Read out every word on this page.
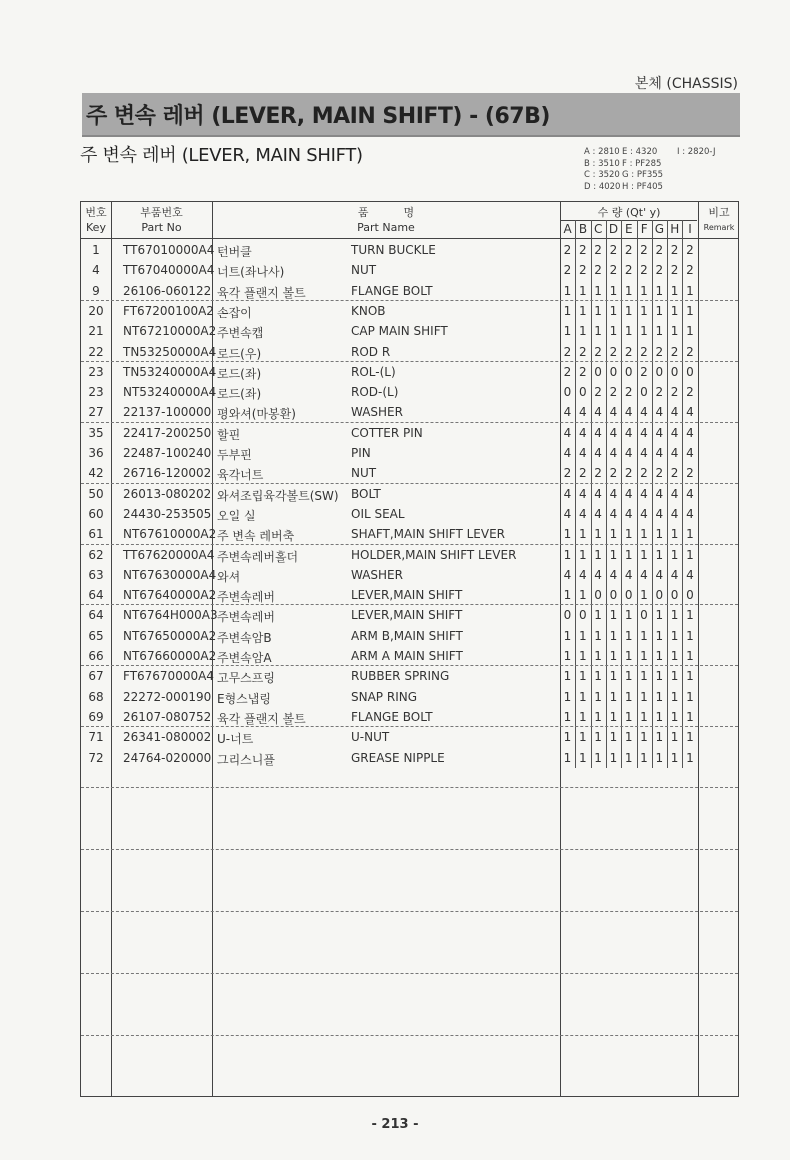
본체 (CHASSIS)
주 변속 레버 (LEVER, MAIN SHIFT) - (67B)
주 변속 레버 (LEVER, MAIN SHIFT)	A : 2810
B : 3510
C : 3520
D : 4020
E : 4320
F : PF285
G : PF355
H : PF405
I : 2820-J
번호
Key
부품번호
Part No
품          명
Part Name
수 량 (Qt' y)	비고
Remark
A B C D E F G H I
1	TT67010000A4 턴버클	TURN BUCKLE	2 2 2 2 2 2 2 2 2
4	TT67040000A4 너트(좌나사)	NUT	2 2 2 2 2 2 2 2 2
9	26106-060122 육각 플랜지 볼트	FLANGE BOLT	1 1 1 1 1 1 1 1 1
20	FT67200100A2 손잡이	KNOB	1 1 1 1 1 1 1 1 1
21	NT67210000A2 주변속캡	CAP MAIN SHIFT	1 1 1 1 1 1 1 1 1
22	TN53250000A4 로드(우)	ROD R	2 2 2 2 2 2 2 2 2
23	TN53240000A4 로드(좌)	ROL-(L)	2 2 0 0 0 2 0 0 0
23	NT53240000A4 로드(좌)	ROD-(L)	0 0 2 2 2 0 2 2 2
27	22137-100000 평와셔(마봉환)	WASHER	4 4 4 4 4 4 4 4 4
35	22417-200250 할핀	COTTER PIN	4 4 4 4 4 4 4 4 4
36	22487-100240 두부핀	PIN	4 4 4 4 4 4 4 4 4
42	26716-120002 육각너트	NUT	2 2 2 2 2 2 2 2 2
50	26013-080202 와셔조립육각볼트(SW) BOLT	4 4 4 4 4 4 4 4 4
60	24430-253505 오일 실	OIL SEAL	4 4 4 4 4 4 4 4 4
61	NT67610000A2 주 변속 레버축	SHAFT,MAIN SHIFT LEVER	1 1 1 1 1 1 1 1 1
62	TT67620000A4 주변속레버홀더	HOLDER,MAIN SHIFT LEVER	1 1 1 1 1 1 1 1 1
63	NT67630000A4 와셔	WASHER	4 4 4 4 4 4 4 4 4
64	NT67640000A2 주변속레버	LEVER,MAIN SHIFT	1 1 0 0 0 1 0 0 0
64	NT6764H000A3 주변속레버	LEVER,MAIN SHIFT	0 0 1 1 1 0 1 1 1
65	NT67650000A2 주변속암B	ARM B,MAIN SHIFT	1 1 1 1 1 1 1 1 1
66	NT67660000A2 주변속암A	ARM A MAIN SHIFT	1 1 1 1 1 1 1 1 1
67	FT67670000A4 고무스프링	RUBBER SPRING	1 1 1 1 1 1 1 1 1
68	22272-000190 E형스냅링	SNAP RING	1 1 1 1 1 1 1 1 1
69	26107-080752 육각 플랜지 볼트	FLANGE BOLT	1 1 1 1 1 1 1 1 1
71	26341-080002 U-너트	U-NUT	1 1 1 1 1 1 1 1 1
72	24764-020000 그리스니플	GREASE NIPPLE	1 1 1 1 1 1 1 1 1
- 213 -
